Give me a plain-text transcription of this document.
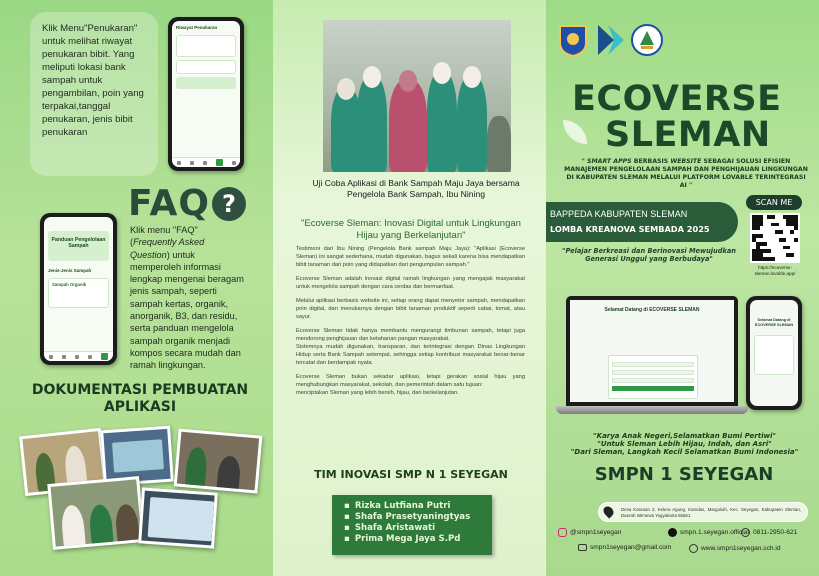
Klik Menu"Penukaran" untuk melihat riwayat penukaran bibit. Yang meliputi lokasi bank sampah untuk pengambilan, poin yang terpakai,tanggal penukaran, jenis bibit penukaran
Riwayat Penukaran
FAQ ?
Panduan Pengelolaan Sampah
Jenis-Jenis Sampah
Sampah Organik
Klik menu "FAQ" (Frequently Asked Question) untuk memperoleh informasi lengkap mengenai beragam jenis sampah, seperti sampah kertas, organik, anorganik, B3, dan residu, serta panduan mengelola sampah organik menjadi kompos secara mudah dan ramah lingkungan.
DOKUMENTASI PEMBUATAN APLIKASI
Uji Coba Aplikasi di Bank Sampah Maju Jaya bersama Pengelola Bank Sampah, Ibu Nining
"Ecoverse Sleman: Inovasi Digital untuk Lingkungan Hijau yang Berkelanjutan"

Testimoni dari Ibu Nining (Pengelola Bank sampah Maju Jaya): "Aplikasi (Ecoverse Sleman) ini sangat sederhana, mudah digunakan, bagus sekali karena bisa mendapatkan bibit tanaman dari poin yang didapatkan dari pengumpulan sampah."

Ecoverse Sleman adalah inovasi digital ramah lingkungan yang mengajak masyarakat untuk mengelola sampah dengan cara cerdas dan bermanfaat.

Melalui aplikasi berbasis website ini, setiap orang dapat menyetor sampah, mendapatkan poin digital, dan menukarnya dengan bibit tanaman produktif seperti cabai, tomat, atau sayur.

Ecoverse Sleman tidak hanya membantu mengurangi timbunan sampah, tetapi juga mendorong penghijauan dan ketahanan pangan masyarakat.

Sistemnya mudah digunakan, transparan, dan terintegrasi dengan Dinas Lingkungan Hidup serta Bank Sampah setempat, sehingga setiap kontribusi masyarakat benar-benar tercatat dan berdampak nyata.

Ecoverse Sleman bukan sekadar aplikasi, tetapi gerakan sosial hijau yang menghubungkan masyarakat, sekolah, dan pemerintah dalam satu tujuan:

menciptakan Sleman yang lebih bersih, hijau, dan berkelanjutan.

TIM INOVASI SMP N 1 SEYEGAN
▪ Rizka Lutfiana Putri
▪ Shafa Prasetyaningtyas
▪ Shafa Aristawati
▪ Prima Mega Jaya S.Pd
ECOVERSE
SLEMAN
" SMART APPS BERBASIS WEBSITE SEBAGAI SOLUSI EFISIEN MANAJEMEN PENGELOLAAN SAMPAH DAN PENGHIJAUAN LINGKUNGAN DI KABUPATEN SLEMAN MELALUI PLATFORM LOVABLE TERINTEGRASI AI "
BAPPEDA KABUPATEN SLEMAN
LOMBA KREANOVA SEMBADA 2025
"Pelajar Berkreasi dan Berinovasi Mewujudkan Generasi Unggul yang Berbudaya"
SCAN ME
https://ecoverse-sleman.lovable.app/
Selamat Datang di ECOVERSE SLEMAN
Selamat Datang di ECOVERSE SLEMAN
"Karya Anak Negeri,Selamatkan Bumi Pertiwi"
"Untuk Sleman Lebih Hijau, Indah, dan Asri"
"Dari Sleman, Langkah Kecil Selamatkan Bumi Indonesia"
SMPN 1 SEYEGAN
Desa Karanan 2, Kelera Agung, Kamdas, Margoluih, Kec. Seyegan, Kabupaten Sleman, Daerah Istimewa Yogyakarta 55561
@smpn1seyegan	smpn.1.seyegan.official 0811-2950-621
smpn1seyegan@gmail.com	www.smpn1seyegan.sch.id
